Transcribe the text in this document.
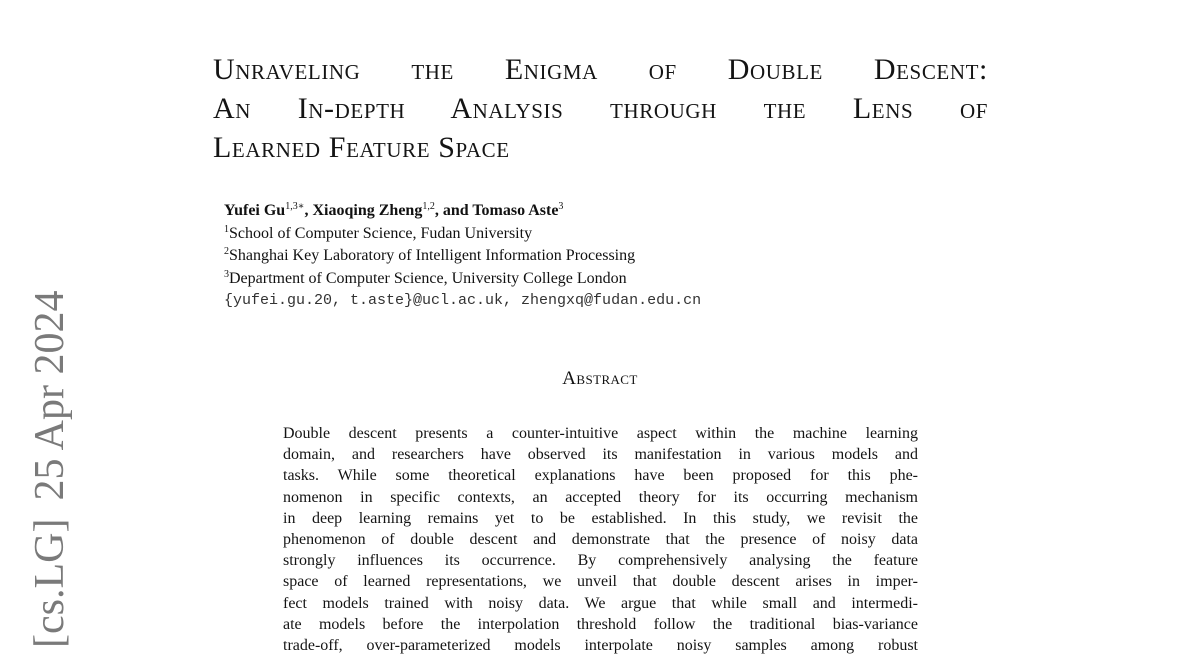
[cs.LG]25 Apr 2024
Unraveling the Enigma of Double Descent:
An In-depth Analysis through the Lens of
Learned Feature Space
Yufei $Gu^{1,3∗}$, Xiaoqing Zheng$^{1,2}$, and Tomaso Aste$^3$
$^1$School of Computer Science, Fudan University
$^2$Shanghai Key Laboratory of Intelligent Information Processing
$^3$Department of Computer Science, University College London
{yufei.gu.20, t.aste}@ucl.ac.uk, zhengxq@fudan.edu.cn
Abstract
Double descent presents a counter-intuitive aspect within the machine learning
domain, and researchers have observed its manifestation in various models and
tasks. While some theoretical explanations have been proposed for this phe-
nomenon in specific contexts, an accepted theory for its occurring mechanism
in deep learning remains yet to be established. In this study, we revisit the
phenomenon of double descent and demonstrate that the presence of noisy data
strongly influences its occurrence. By comprehensively analysing the feature
space of learned representations, we unveil that double descent arises in imper-
fect models trained with noisy data. We argue that while small and intermedi-
ate models before the interpolation threshold follow the traditional bias-variance
trade-off, over-parameterized models interpolate noisy samples among robust
